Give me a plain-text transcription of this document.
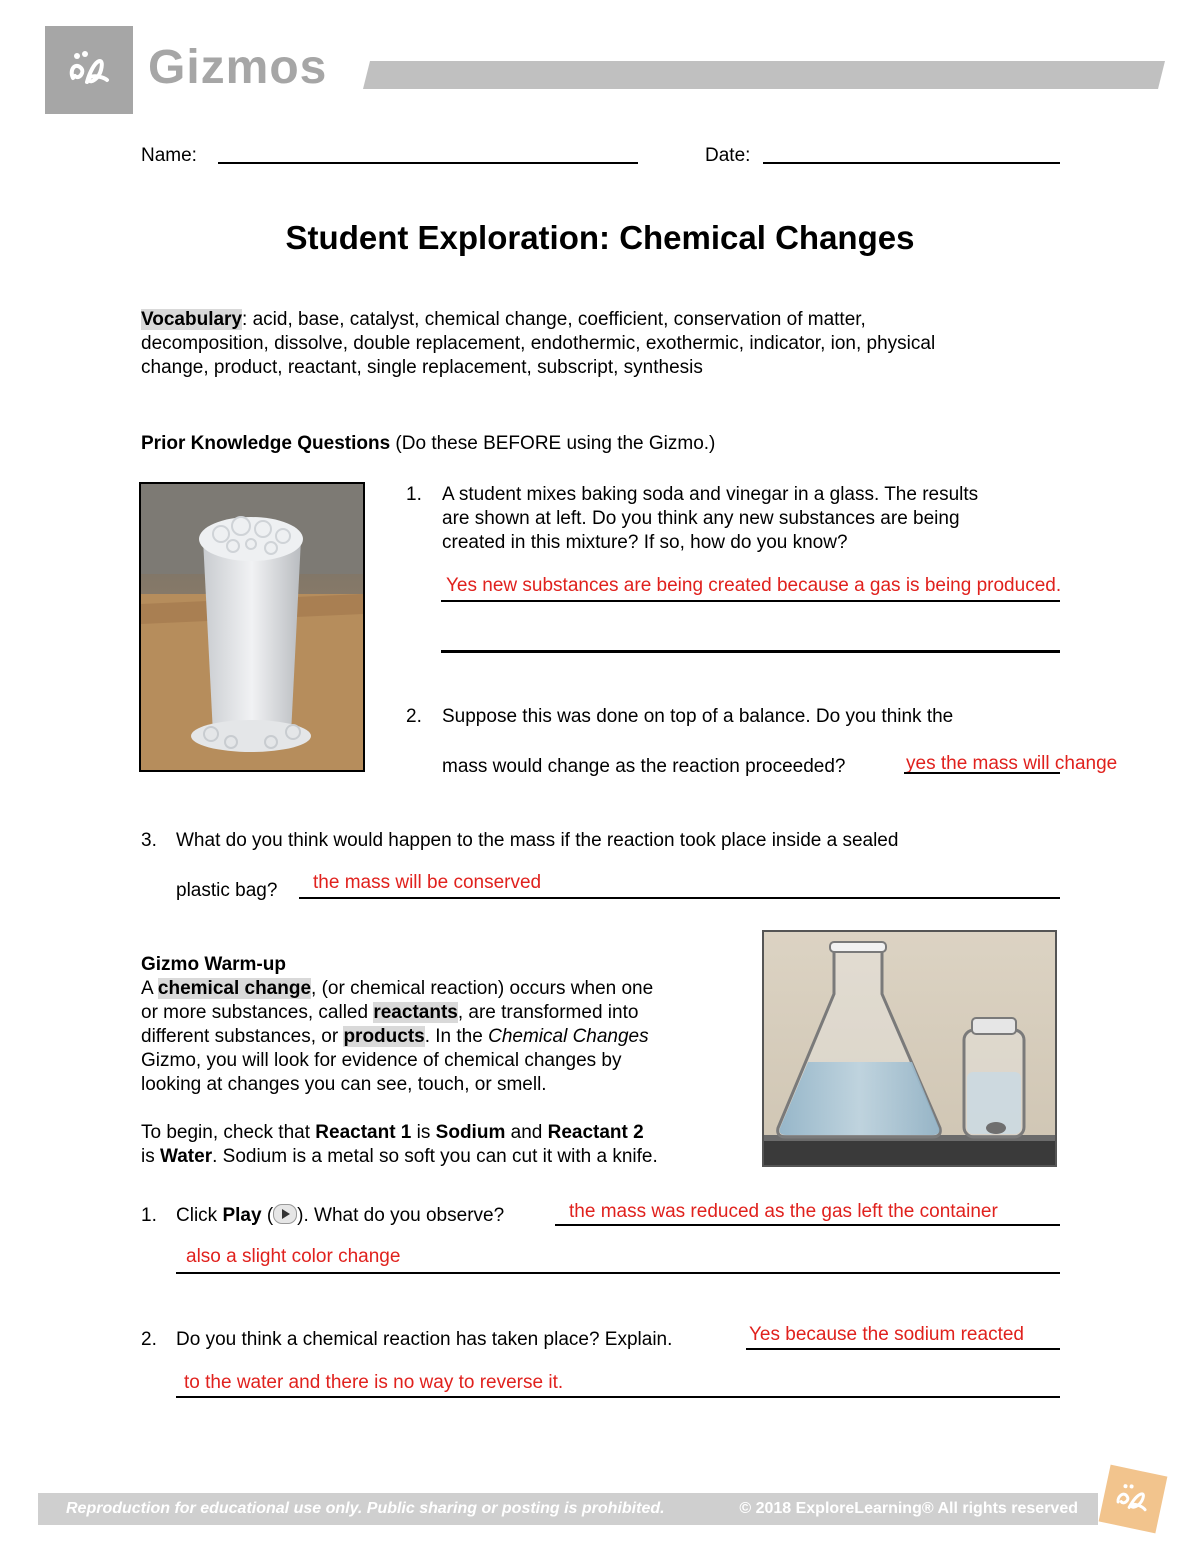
Gizmos
Name:	Date:
Student Exploration: Chemical Changes
Vocabulary: acid, base, catalyst, chemical change, coefficient, conservation of matter,
decomposition, dissolve, double replacement, endothermic, exothermic, indicator, ion, physical
change, product, reactant, single replacement, subscript, synthesis
Prior Knowledge Questions (Do these BEFORE using the Gizmo.)
1. A student mixes baking soda and vinegar in a glass. The results
are shown at left. Do you think any new substances are being
created in this mixture? If so, how do you know?
Yes new substances are being created because a gas is being produced.
2. Suppose this was done on top of a balance. Do you think the
mass would change as the reaction proceeded?	yes the mass will change
3. What do you think would happen to the mass if the reaction took place inside a sealed
plastic bag? the mass will be conserved
Gizmo Warm-up
A chemical change, (or chemical reaction) occurs when one
or more substances, called reactants, are transformed into
different substances, or products. In the Chemical Changes
Gizmo, you will look for evidence of chemical changes by
looking at changes you can see, touch, or smell.
To begin, check that Reactant 1 is Sodium and Reactant 2
is Water. Sodium is a metal so soft you can cut it with a knife.
1. Click Play ( ). What do you observe?	the mass was reduced as the gas left the container
also a slight color change
2. Do you think a chemical reaction has taken place? Explain.	Yes because the sodium reacted
to the water and there is no way to reverse it.
Reproduction for educational use only. Public sharing or posting is prohibited.	© 2018 ExploreLearning® All rights reserved
